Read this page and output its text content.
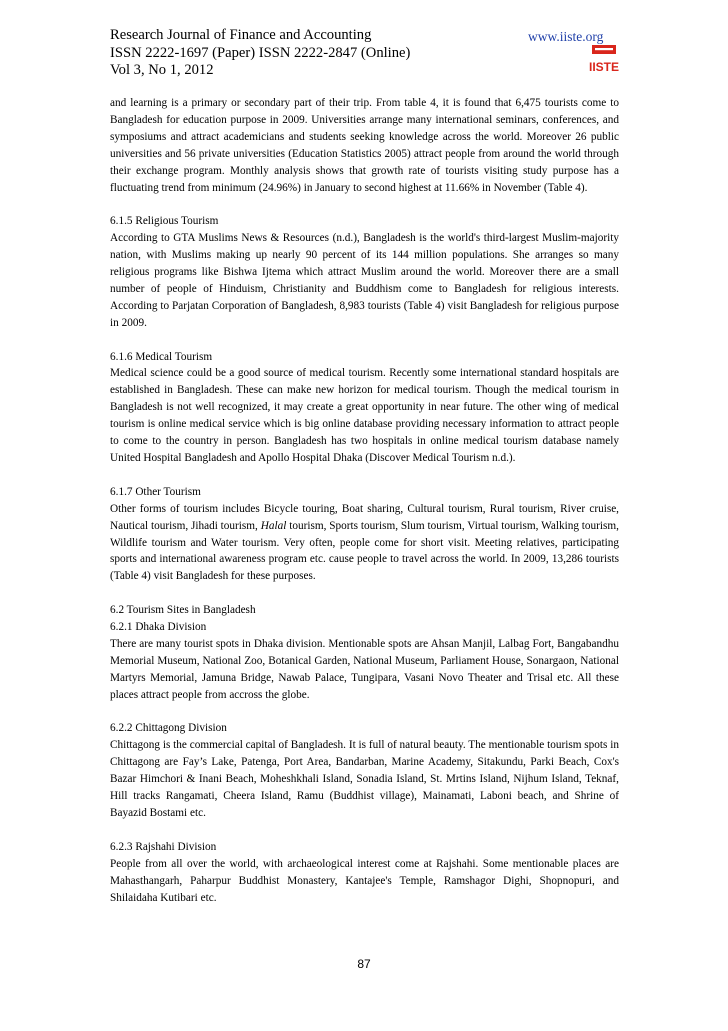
Research Journal of Finance and Accounting
ISSN 2222-1697 (Paper) ISSN 2222-2847 (Online)
Vol 3, No 1, 2012
www.iiste.org
IISTE

and learning is a primary or secondary part of their trip. From table 4, it is found that 6,475 tourists come to Bangladesh for education purpose in 2009. Universities arrange many international seminars, conferences, and symposiums and attract academicians and students seeking knowledge across the world. Moreover 26 public universities and 56 private universities (Education Statistics 2005) attract people from around the world through their exchange program. Monthly analysis shows that growth rate of tourists visiting study purpose has a fluctuating trend from minimum (24.96%) in January to second highest at 11.66% in November (Table 4).

6.1.5 Religious Tourism

According to GTA Muslims News & Resources (n.d.), Bangladesh is the world's third-largest Muslim-majority nation, with Muslims making up nearly 90 percent of its 144 million populations. She arranges so many religious programs like Bishwa Ijtema which attract Muslim around the world. Moreover there are a small number of people of Hinduism, Christianity and Buddhism come to Bangladesh for religious interests. According to Parjatan Corporation of Bangladesh, 8,983 tourists (Table 4) visit Bangladesh for religious purpose in 2009.

6.1.6 Medical Tourism

Medical science could be a good source of medical tourism. Recently some international standard hospitals are established in Bangladesh. These can make new horizon for medical tourism. Though the medical tourism in Bangladesh is not well recognized, it may create a great opportunity in near future. The other wing of medical tourism is online medical service which is big online database providing necessary information to attract people to come to the country in person. Bangladesh has two hospitals in online medical tourism database namely United Hospital Bangladesh and Apollo Hospital Dhaka (Discover Medical Tourism n.d.).

6.1.7 Other Tourism

Other forms of tourism includes Bicycle touring, Boat sharing, Cultural tourism, Rural tourism, River cruise, Nautical tourism, Jihadi tourism, Halal tourism, Sports tourism, Slum tourism, Virtual tourism, Walking tourism, Wildlife tourism and Water tourism. Very often, people come for short visit. Meeting relatives, participating sports and international awareness program etc. cause people to travel across the world. In 2009, 13,286 tourists (Table 4) visit Bangladesh for these purposes.

6.2 Tourism Sites in Bangladesh
6.2.1 Dhaka Division

There are many tourist spots in Dhaka division. Mentionable spots are Ahsan Manjil, Lalbag Fort, Bangabandhu Memorial Museum, National Zoo, Botanical Garden, National Museum, Parliament House, Sonargaon, National Martyrs Memorial, Jamuna Bridge, Nawab Palace, Tungipara, Vasani Novo Theater and Trisal etc. All these places attract people from accross the globe.

6.2.2 Chittagong Division

Chittagong is the commercial capital of Bangladesh. It is full of natural beauty. The mentionable tourism spots in Chittagong are Fay’s Lake, Patenga, Port Area, Bandarban, Marine Academy, Sitakundu, Parki Beach, Cox's Bazar Himchori & Inani Beach, Moheshkhali Island, Sonadia Island, St. Mrtins Island, Nijhum Island, Teknaf, Hill tracks Rangamati, Cheera Island, Ramu (Buddhist village), Mainamati, Laboni beach, and Shrine of Bayazid Bostami etc.

6.2.3 Rajshahi Division

People from all over the world, with archaeological interest come at Rajshahi. Some mentionable places are Mahasthangarh, Paharpur Buddhist Monastery, Kantajee's Temple, Ramshagor Dighi, Shopnopuri, and Shilaidaha Kutibari etc.

87
